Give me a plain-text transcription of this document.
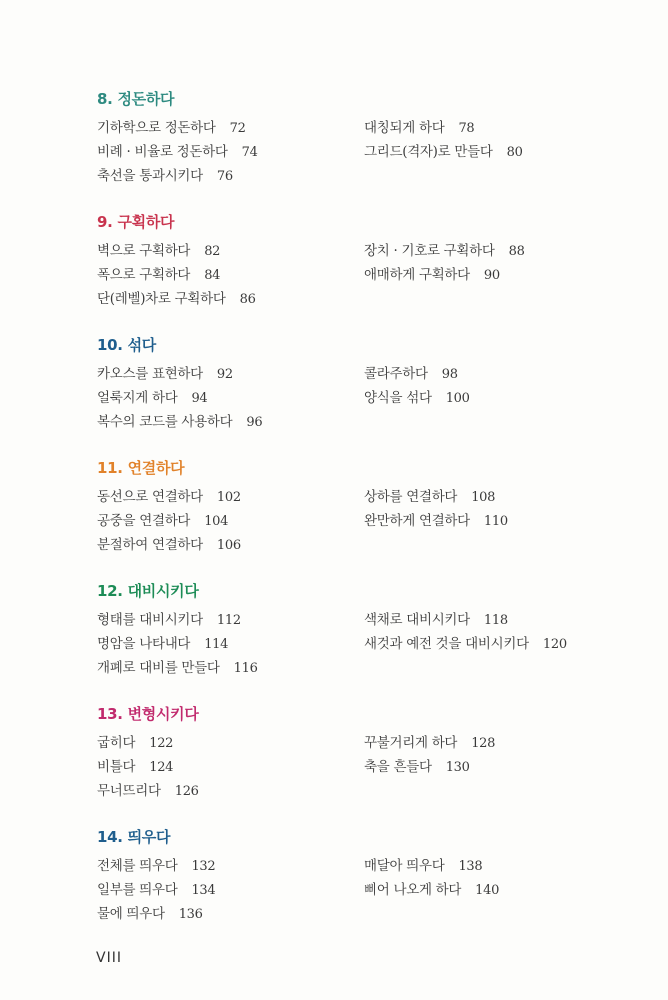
8. 정돈하다
기하학으로 정돈하다 72
비례 · 비율로 정돈하다 74
축선을 통과시키다 76
대칭되게 하다 78
그리드(격자)로 만들다 80
9. 구획하다
벽으로 구획하다 82
폭으로 구획하다 84
단(레벨)차로 구획하다 86
장치 · 기호로 구획하다 88
애매하게 구획하다 90
10. 섞다
카오스를 표현하다 92
얼룩지게 하다 94
복수의 코드를 사용하다 96
콜라주하다 98
양식을 섞다 100
11. 연결하다
동선으로 연결하다 102
공중을 연결하다 104
분절하여 연결하다 106
상하를 연결하다 108
완만하게 연결하다 110
12. 대비시키다
형태를 대비시키다 112
명암을 나타내다 114
개폐로 대비를 만들다 116
색채로 대비시키다 118
새것과 예전 것을 대비시키다 120
13. 변형시키다
굽히다 122
비틀다 124
무너뜨리다 126
꾸불거리게 하다 128
축을 흔들다 130
14. 띄우다
전체를 띄우다 132
일부를 띄우다 134
물에 띄우다 136
매달아 띄우다 138
삐어 나오게 하다 140
VIII
